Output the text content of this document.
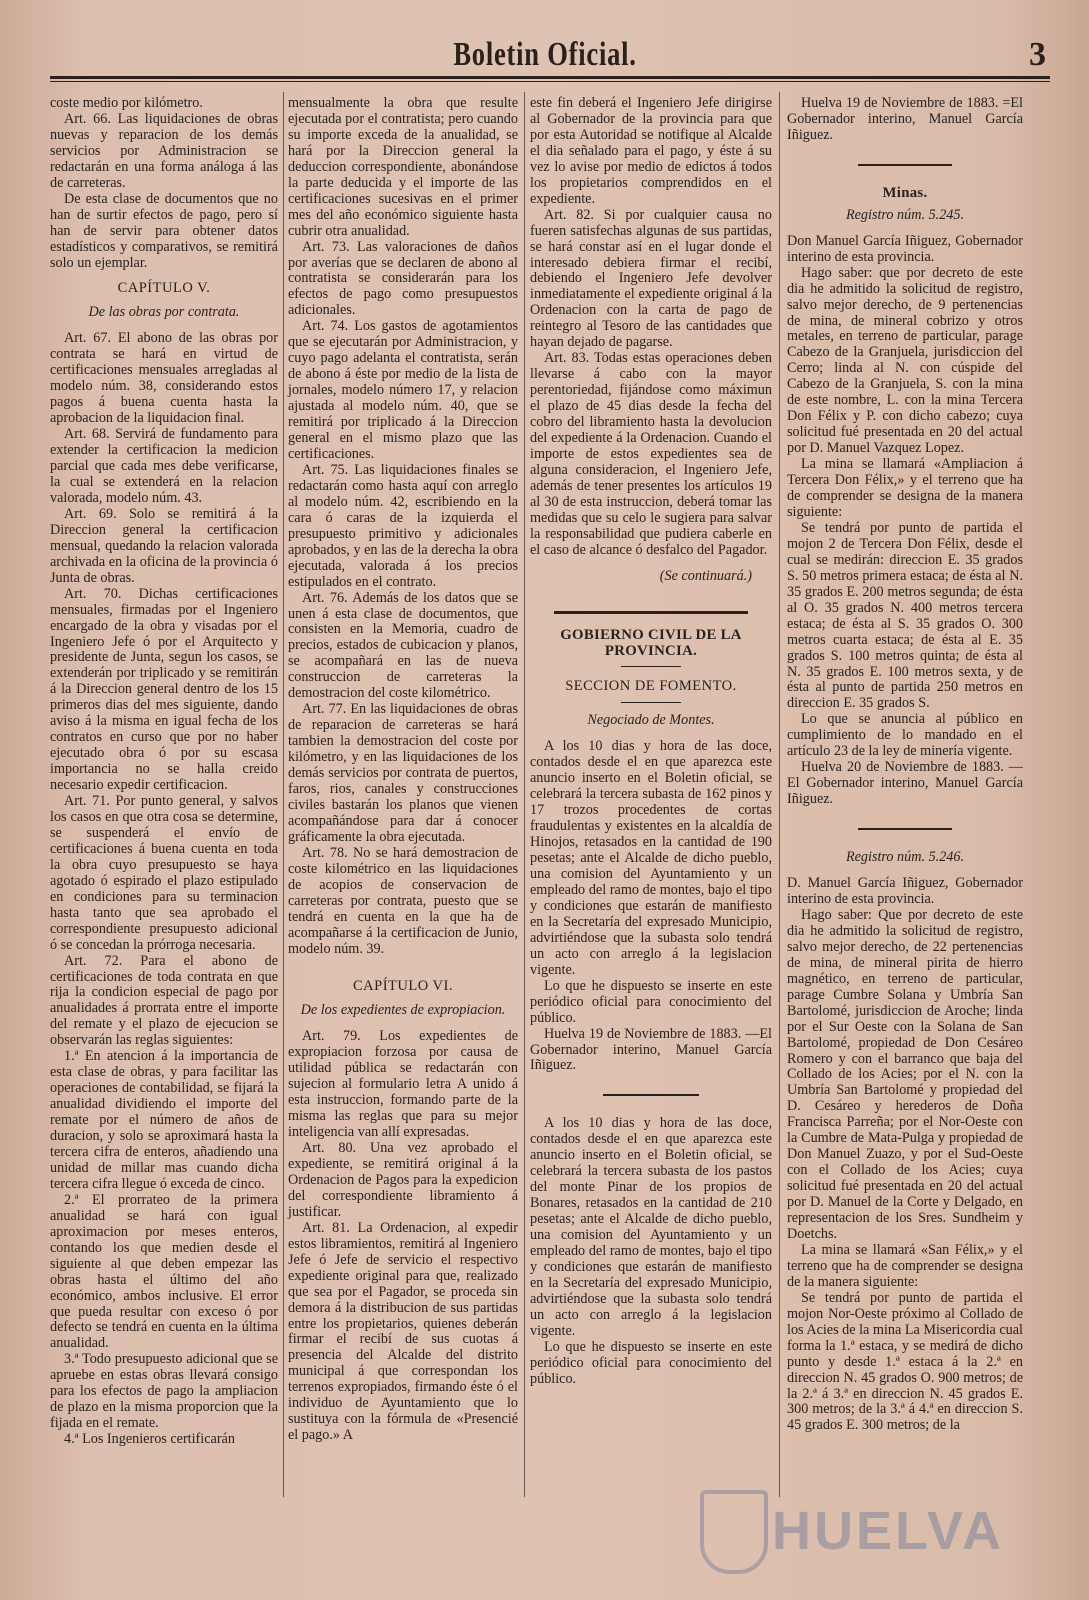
Boletin Oficial.	3

coste medio por kilómetro.

Art. 66. Las liquidaciones de obras nuevas y reparacion de los demás servicios por Administracion se redactarán en una forma análoga á las de carreteras.

De esta clase de documentos que no han de surtir efectos de pago, pero sí han de servir para obtener datos estadísticos y comparativos, se remitirá solo un ejemplar.

CAPÍTULO V.

De las obras por contrata.

Art. 67. El abono de las obras por contrata se hará en virtud de certificaciones mensuales arregladas al modelo núm. 38, considerando estos pagos á buena cuenta hasta la aprobacion de la liquidacion final.

Art. 68. Servirá de fundamento para extender la certificacion la medicion parcial que cada mes debe verificarse, la cual se extenderá en la relacion valorada, modelo núm. 43.

Art. 69. Solo se remitirá á la Direccion general la certificacion mensual, quedando la relacion valorada archivada en la oficina de la provincia ó Junta de obras.

Art. 70. Dichas certificaciones mensuales, firmadas por el Ingeniero encargado de la obra y visadas por el Ingeniero Jefe ó por el Arquitecto y presidente de Junta, segun los casos, se extenderán por triplicado y se remitirán á la Direccion general dentro de los 15 primeros dias del mes siguiente, dando aviso á la misma en igual fecha de los contratos en curso que por no haber ejecutado obra ó por su escasa importancia no se halla creido necesario expedir certificacion.

Art. 71. Por punto general, y salvos los casos en que otra cosa se determine, se suspenderá el envío de certificaciones á buena cuenta en toda la obra cuyo presupuesto se haya agotado ó espirado el plazo estipulado en condiciones para su terminacion hasta tanto que sea aprobado el correspondiente presupuesto adicional ó se concedan la prórroga necesaria.

Art. 72. Para el abono de certificaciones de toda contrata en que rija la condicion especial de pago por anualidades á prorrata entre el importe del remate y el plazo de ejecucion se observarán las reglas siguientes:

1.ª En atencion á la importancia de esta clase de obras, y para facilitar las operaciones de contabilidad, se fijará la anualidad dividiendo el importe del remate por el número de años de duracion, y solo se aproximará hasta la tercera cifra de enteros, añadiendo una unidad de millar mas cuando dicha tercera cifra llegue ó exceda de cinco.

2.ª El prorrateo de la primera anualidad se hará con igual aproximacion por meses enteros, contando los que medien desde el siguiente al que deben empezar las obras hasta el último del año económico, ambos inclusive. El error que pueda resultar con exceso ó por defecto se tendrá en cuenta en la última anualidad.

3.ª Todo presupuesto adicional que se apruebe en estas obras llevará consigo para los efectos de pago la ampliacion de plazo en la misma proporcion que la fijada en el remate.

4.ª Los Ingenieros certificarán

mensualmente la obra que resulte ejecutada por el contratista; pero cuando su importe exceda de la anualidad, se hará por la Direccion general la deduccion correspondiente, abonándose la parte deducida y el importe de las certificaciones sucesivas en el primer mes del año económico siguiente hasta cubrir otra anualidad.

Art. 73. Las valoraciones de daños por averías que se declaren de abono al contratista se considerarán para los efectos de pago como presupuestos adicionales.

Art. 74. Los gastos de agotamientos que se ejecutarán por Administracion, y cuyo pago adelanta el contratista, serán de abono á éste por medio de la lista de jornales, modelo número 17, y relacion ajustada al modelo núm. 40, que se remitirá por triplicado á la Direccion general en el mismo plazo que las certificaciones.

Art. 75. Las liquidaciones finales se redactarán como hasta aquí con arreglo al modelo núm. 42, escribiendo en la cara ó caras de la izquierda el presupuesto primitivo y adicionales aprobados, y en las de la derecha la obra ejecutada, valorada á los precios estipulados en el contrato.

Art. 76. Además de los datos que se unen á esta clase de documentos, que consisten en la Memoria, cuadro de precios, estados de cubicacion y planos, se acompañará en las de nueva construccion de carreteras la demostracion del coste kilométrico.

Art. 77. En las liquidaciones de obras de reparacion de carreteras se hará tambien la demostracion del coste por kilómetro, y en las liquidaciones de los demás servicios por contrata de puertos, faros, rios, canales y construcciones civiles bastarán los planos que vienen acompañándose para dar á conocer gráficamente la obra ejecutada.

Art. 78. No se hará demostracion de coste kilométrico en las liquidaciones de acopios de conservacion de carreteras por contrata, puesto que se tendrá en cuenta en la que ha de acompañarse á la certificacion de Junio, modelo núm. 39.

CAPÍTULO VI.

De los expedientes de expropiacion.

Art. 79. Los expedientes de expropiacion forzosa por causa de utilidad pública se redactarán con sujecion al formulario letra A unido á esta instruccion, formando parte de la misma las reglas que para su mejor inteligencia van allí expresadas.

Art. 80. Una vez aprobado el expediente, se remitirá original á la Ordenacion de Pagos para la expedicion del correspondiente libramiento á justificar.

Art. 81. La Ordenacion, al expedir estos libramientos, remitirá al Ingeniero Jefe ó Jefe de servicio el respectivo expediente original para que, realizado que sea por el Pagador, se proceda sin demora á la distribucion de sus partidas entre los propietarios, quienes deberán firmar el recibí de sus cuotas á presencia del Alcalde del distrito municipal á que correspondan los terrenos expropiados, firmando éste ó el individuo de Ayuntamiento que lo sustituya con la fórmula de «Presencié el pago.» A

este fin deberá el Ingeniero Jefe dirigirse al Gobernador de la provincia para que por esta Autoridad se notifique al Alcalde el dia señalado para el pago, y éste á su vez lo avise por medio de edictos á todos los propietarios comprendidos en el expediente.

Art. 82. Si por cualquier causa no fueren satisfechas algunas de sus partidas, se hará constar así en el lugar donde el interesado debiera firmar el recibí, debiendo el Ingeniero Jefe devolver inmediatamente el expediente original á la Ordenacion con la carta de pago de reintegro al Tesoro de las cantidades que hayan dejado de pagarse.

Art. 83. Todas estas operaciones deben llevarse á cabo con la mayor perentoriedad, fijándose como máximun el plazo de 45 dias desde la fecha del cobro del libramiento hasta la devolucion del expediente á la Ordenacion. Cuando el importe de estos expedientes sea de alguna consideracion, el Ingeniero Jefe, además de tener presentes los artículos 19 al 30 de esta instruccion, deberá tomar las medidas que su celo le sugiera para salvar la responsabilidad que pudiera caberle en el caso de alcance ó desfalco del Pagador.

(Se continuará.)

GOBIERNO CIVIL DE LA PROVINCIA.

SECCION DE FOMENTO.

Negociado de Montes.

A los 10 dias y hora de las doce, contados desde el en que aparezca este anuncio inserto en el Boletin oficial, se celebrará la tercera subasta de 162 pinos y 17 trozos procedentes de cortas fraudulentas y existentes en la alcaldía de Hinojos, retasados en la cantidad de 190 pesetas; ante el Alcalde de dicho pueblo, una comision del Ayuntamiento y un empleado del ramo de montes, bajo el tipo y condiciones que estarán de manifiesto en la Secretaría del expresado Municipio, advirtiéndose que la subasta solo tendrá un acto con arreglo á la legislacion vigente.

Lo que he dispuesto se inserte en este periódico oficial para conocimiento del público.

Huelva 19 de Noviembre de 1883. —El Gobernador interino, Manuel García Iñiguez.

A los 10 dias y hora de las doce, contados desde el en que aparezca este anuncio inserto en el Boletin oficial, se celebrará la tercera subasta de los pastos del monte Pinar de los propios de Bonares, retasados en la cantidad de 210 pesetas; ante el Alcalde de dicho pueblo, una comision del Ayuntamiento y un empleado del ramo de montes, bajo el tipo y condiciones que estarán de manifiesto en la Secretaría del expresado Municipio, advirtiéndose que la subasta solo tendrá un acto con arreglo á la legislacion vigente.

Lo que he dispuesto se inserte en este periódico oficial para conocimiento del público.

Huelva 19 de Noviembre de 1883. =El Gobernador interino, Manuel García Iñiguez.

Minas.

Registro núm. 5.245.

Don Manuel García Iñiguez, Gobernador interino de esta provincia.

Hago saber: que por decreto de este dia he admitido la solicitud de registro, salvo mejor derecho, de 9 pertenencias de mina, de mineral cobrizo y otros metales, en terreno de particular, parage Cabezo de la Granjuela, jurisdiccion del Cerro; linda al N. con cúspide del Cabezo de la Granjuela, S. con la mina de este nombre, L. con la mina Tercera Don Félix y P. con dicho cabezo; cuya solicitud fué presentada en 20 del actual por D. Manuel Vazquez Lopez.

La mina se llamará «Ampliacion á Tercera Don Félix,» y el terreno que ha de comprender se designa de la manera siguiente:

Se tendrá por punto de partida el mojon 2 de Tercera Don Félix, desde el cual se medirán: direccion E. 35 grados S. 50 metros primera estaca; de ésta al N. 35 grados E. 200 metros segunda; de ésta al O. 35 grados N. 400 metros tercera estaca; de ésta al S. 35 grados O. 300 metros cuarta estaca; de ésta al E. 35 grados S. 100 metros quinta; de ésta al N. 35 grados E. 100 metros sexta, y de ésta al punto de partida 250 metros en direccion E. 35 grados S.

Lo que se anuncia al público en cumplimiento de lo mandado en el artículo 23 de la ley de minería vigente.

Huelva 20 de Noviembre de 1883. —El Gobernador interino, Manuel García Iñiguez.

Registro núm. 5.246.

D. Manuel García Iñiguez, Gobernador interino de esta provincia.

Hago saber: Que por decreto de este dia he admitido la solicitud de registro, salvo mejor derecho, de 22 pertenencias de mina, de mineral pirita de hierro magnético, en terreno de particular, parage Cumbre Solana y Umbría San Bartolomé, jurisdiccion de Aroche; linda por el Sur Oeste con la Solana de San Bartolomé, propiedad de Don Cesáreo Romero y con el barranco que baja del Collado de los Acies; por el N. con la Umbría San Bartolomé y propiedad del D. Cesáreo y herederos de Doña Francisca Parreña; por el Nor-Oeste con la Cumbre de Mata-Pulga y propiedad de Don Manuel Zuazo, y por el Sud-Oeste con el Collado de los Acies; cuya solicitud fué presentada en 20 del actual por D. Manuel de la Corte y Delgado, en representacion de los Sres. Sundheim y Doetchs.

La mina se llamará «San Félix,» y el terreno que ha de comprender se designa de la manera siguiente:

Se tendrá por punto de partida el mojon Nor-Oeste próximo al Collado de los Acies de la mina La Misericordia cual forma la 1.ª estaca, y se medirá de dicho punto y desde 1.ª estaca á la 2.ª en direccion N. 45 grados O. 900 metros; de la 2.ª á 3.ª en direccion N. 45 grados E. 300 metros; de la 3.ª á 4.ª en direccion S. 45 grados E. 300 metros; de la

HUELVA
